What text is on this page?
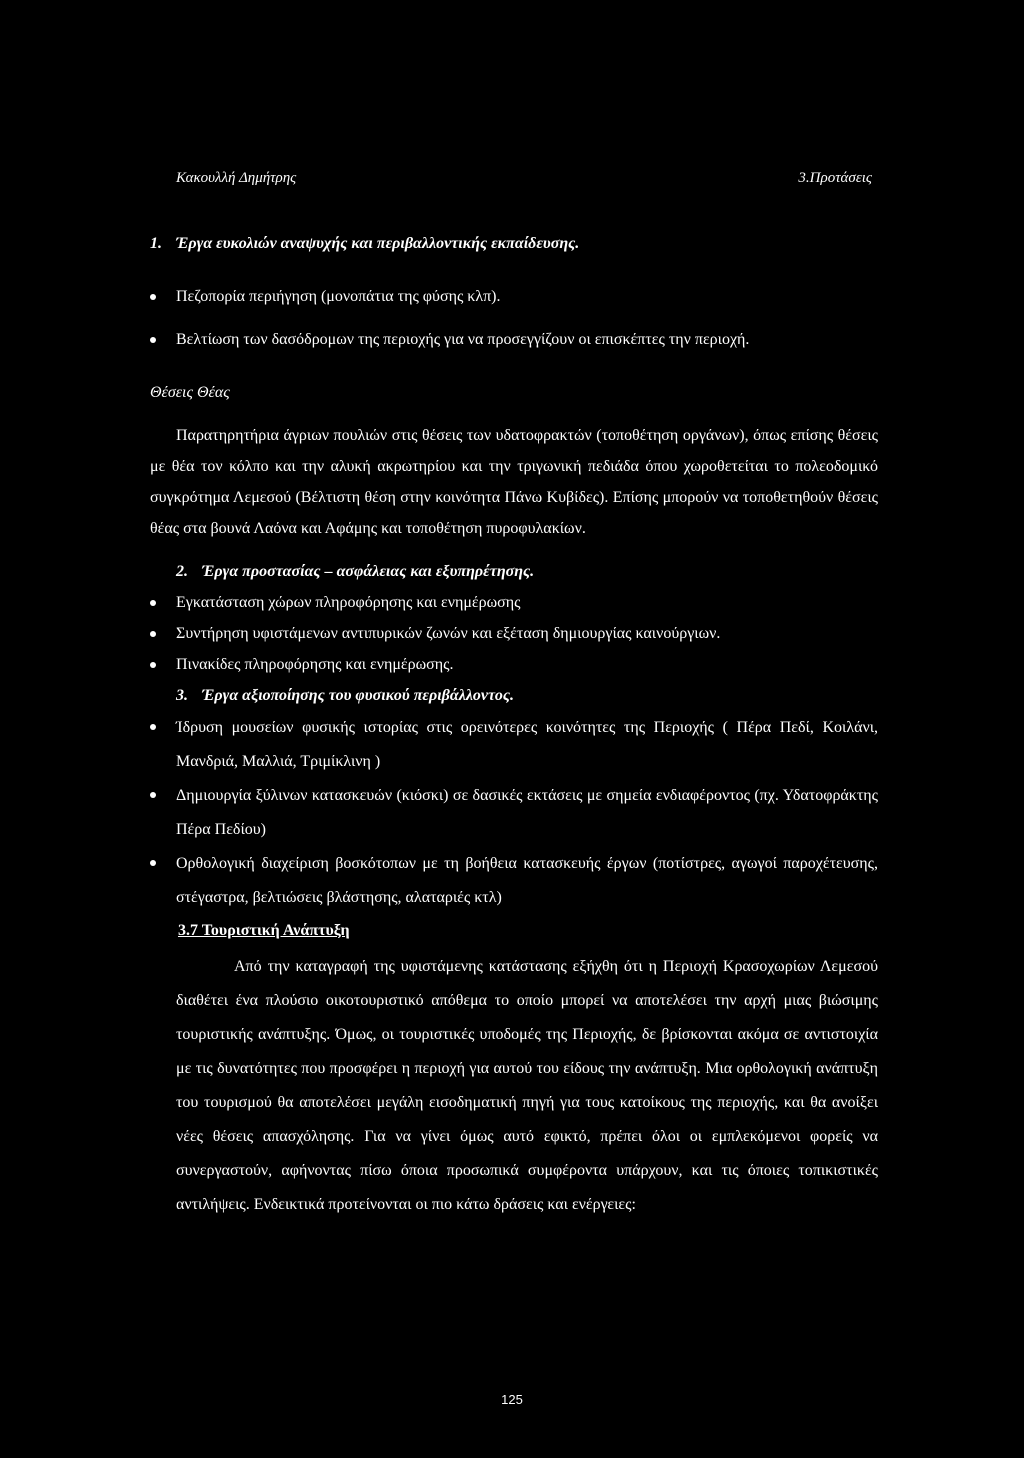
Κακουλλή Δημήτρης	3.Προτάσεις
1. Έργα ευκολιών αναψυχής και περιβαλλοντικής εκπαίδευσης.
Πεζοπορία περιήγηση (μονοπάτια της φύσης κλπ).
Βελτίωση των δασόδρομων της περιοχής για να προσεγγίζουν οι επισκέπτες την περιοχή.
Θέσεις Θέας
Παρατηρητήρια άγριων πουλιών στις θέσεις των υδατοφρακτών (τοποθέτηση οργάνων), όπως επίσης θέσεις με θέα τον κόλπο και την αλυκή ακρωτηρίου και την τριγωνική πεδιάδα όπου χωροθετείται το πολεοδομικό συγκρότημα Λεμεσού (Βέλτιστη θέση στην κοινότητα Πάνω Κυβίδες). Επίσης μπορούν να τοποθετηθούν θέσεις θέας στα βουνά Λαόνα και Αφάμης και τοποθέτηση πυροφυλακίων.
2. Έργα προστασίας – ασφάλειας και εξυπηρέτησης.
Εγκατάσταση χώρων πληροφόρησης και ενημέρωσης
Συντήρηση υφιστάμενων αντιπυρικών ζωνών και εξέταση δημιουργίας καινούργιων.
Πινακίδες πληροφόρησης και ενημέρωσης.
3. Έργα αξιοποίησης του φυσικού περιβάλλοντος.
Ίδρυση μουσείων φυσικής ιστορίας στις ορεινότερες κοινότητες της Περιοχής ( Πέρα Πεδί, Κοιλάνι, Μανδριά, Μαλλιά, Τριμίκλινη )
Δημιουργία ξύλινων κατασκευών (κιόσκι) σε δασικές εκτάσεις με σημεία ενδιαφέροντος (πχ. Υδατοφράκτης Πέρα Πεδίου)
Ορθολογική διαχείριση βοσκότοπων με τη βοήθεια κατασκευής έργων (ποτίστρες, αγωγοί παροχέτευσης, στέγαστρα, βελτιώσεις βλάστησης, αλαταριές κτλ)
3.7 Τουριστική Ανάπτυξη
Από την καταγραφή της υφιστάμενης κατάστασης εξήχθη ότι η Περιοχή Κρασοχωρίων Λεμεσού διαθέτει ένα πλούσιο οικοτουριστικό απόθεμα το οποίο μπορεί να αποτελέσει την αρχή μιας βιώσιμης τουριστικής ανάπτυξης. Όμως, οι τουριστικές υποδομές της Περιοχής, δε βρίσκονται ακόμα σε αντιστοιχία με τις δυνατότητες που προσφέρει η περιοχή για αυτού του είδους την ανάπτυξη. Μια ορθολογική ανάπτυξη του τουρισμού θα αποτελέσει μεγάλη εισοδηματική πηγή για τους κατοίκους της περιοχής, και θα ανοίξει νέες θέσεις απασχόλησης. Για να γίνει όμως αυτό εφικτό, πρέπει όλοι οι εμπλεκόμενοι φορείς να συνεργαστούν, αφήνοντας πίσω όποια προσωπικά συμφέροντα υπάρχουν, και τις όποιες τοπικιστικές αντιλήψεις. Ενδεικτικά προτείνονται οι πιο κάτω δράσεις και ενέργειες:
125
